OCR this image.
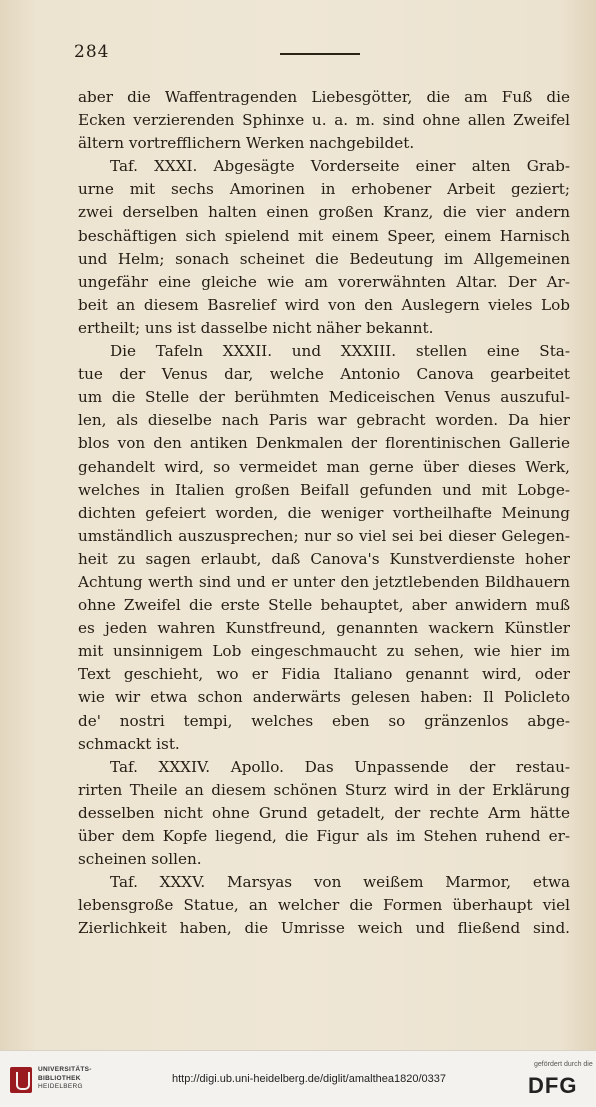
284
aber die Waffentragenden Liebesgötter, die am Fuß die
Ecken verzierenden Sphinxe u. a. m. sind ohne allen Zweifel
ältern vortrefflichern Werken nachgebildet.
Taf. XXXI. Abgesägte Vorderseite einer alten Grab-
urne mit sechs Amorinen in erhobener Arbeit geziert;
zwei derselben halten einen großen Kranz, die vier andern
beschäftigen sich spielend mit einem Speer, einem Harnisch
und Helm; sonach scheinet die Bedeutung im Allgemeinen
ungefähr eine gleiche wie am vorerwähnten Altar. Der Ar-
beit an diesem Basrelief wird von den Auslegern vieles Lob
ertheilt; uns ist dasselbe nicht näher bekannt.
Die Tafeln XXXII. und XXXIII. stellen eine Sta-
tue der Venus dar, welche Antonio Canova gearbeitet
um die Stelle der berühmten Mediceischen Venus auszuful-
len, als dieselbe nach Paris war gebracht worden. Da hier
blos von den antiken Denkmalen der florentinischen Gallerie
gehandelt wird, so vermeidet man gerne über dieses Werk,
welches in Italien großen Beifall gefunden und mit Lobge-
dichten gefeiert worden, die weniger vortheilhafte Meinung
umständlich auszusprechen; nur so viel sei bei dieser Gelegen-
heit zu sagen erlaubt, daß Canova's Kunstverdienste hoher
Achtung werth sind und er unter den jetztlebenden Bildhauern
ohne Zweifel die erste Stelle behauptet, aber anwidern muß
es jeden wahren Kunstfreund, genannten wackern Künstler
mit unsinnigem Lob eingeschmaucht zu sehen, wie hier im
Text geschieht, wo er Fidia Italiano genannt wird, oder
wie wir etwa schon anderwärts gelesen haben: Il Policleto
de' nostri tempi, welches eben so gränzenlos abge-
schmackt ist.
Taf. XXXIV. Apollo. Das Unpassende der restau-
rirten Theile an diesem schönen Sturz wird in der Erklärung
desselben nicht ohne Grund getadelt, der rechte Arm hätte
über dem Kopfe liegend, die Figur als im Stehen ruhend er-
scheinen sollen.
Taf. XXXV. Marsyas von weißem Marmor, etwa
lebensgroße Statue, an welcher die Formen überhaupt viel
Zierlichkeit haben, die Umrisse weich und fließend sind.
UNIVERSITÄTS-
BIBLIOTHEK
HEIDELBERG
http://digi.ub.uni-heidelberg.de/diglit/amalthea1820/0337
gefördert durch die
DFG
